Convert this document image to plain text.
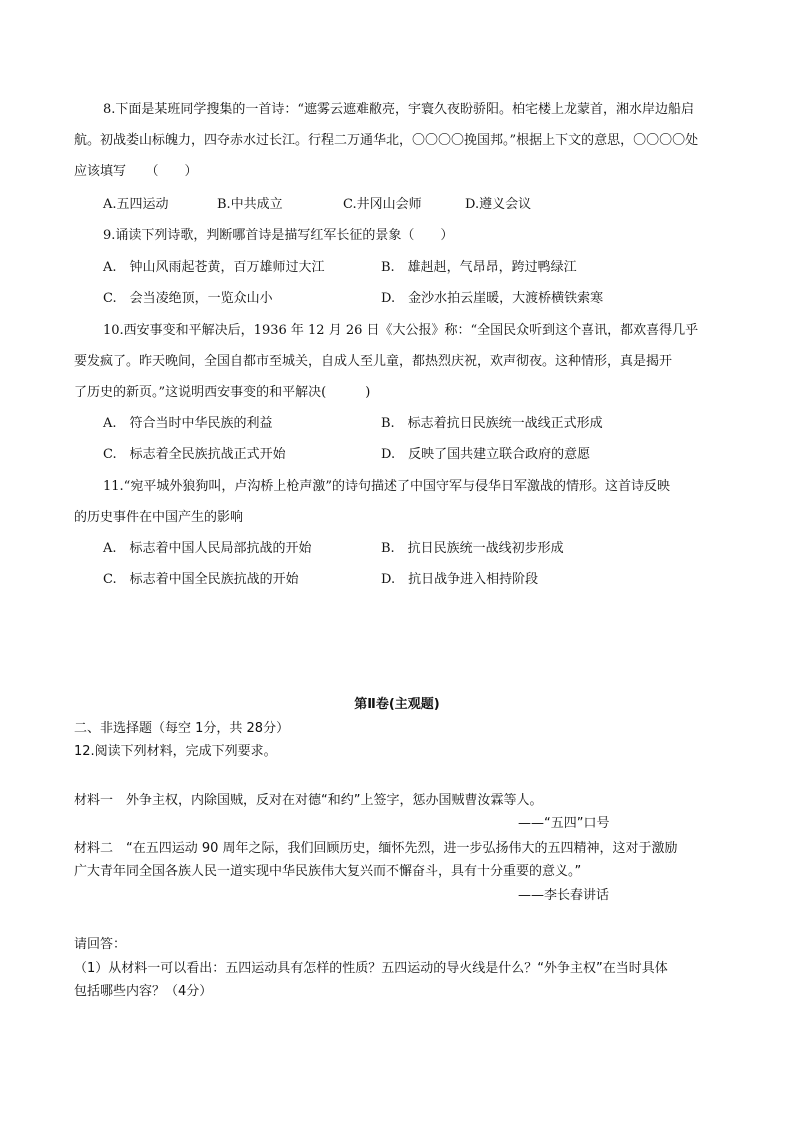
8.下面是某班同学搜集的一首诗：“遮雾云遮难敝亮，宇寰久夜盼骄阳。柏宅楼上龙蒙首，湘水岸边船启
航。初战娄山标魄力，四夺赤水过长江。行程二万通华北，〇〇〇〇挽国邦。”根据上下文的意思，〇〇〇〇处
应该填写　　（　　）
A.五四运动	B.中共成立	C.井冈山会师	D.遵义会议
9.诵读下列诗歌，判断哪首诗是描写红军长征的景象（　　）
A.　钟山风雨起苍黄，百万雄师过大江	B.　雄赳赳，气昂昂，跨过鸭绿江
C.　会当凌绝顶，一览众山小	D.　金沙水拍云崖暖，大渡桥横铁索寒
10.西安事变和平解决后，1936 年 12 月 26 日《大公报》称：“全国民众听到这个喜讯，都欢喜得几乎
要发疯了。昨天晚间，全国自都市至城关，自成人至儿童，都热烈庆祝，欢声彻夜。这种情形，真是揭开
了历史的新页。”这说明西安事变的和平解决(　　　)
A.　符合当时中华民族的利益	B.　标志着抗日民族统一战线正式形成
C.　标志着全民族抗战正式开始	D.　反映了国共建立联合政府的意愿
11.“宛平城外狼狗叫，卢沟桥上枪声激”的诗句描述了中国守军与侵华日军激战的情形。这首诗反映
的历史事件在中国产生的影响
A.　标志着中国人民局部抗战的开始	B.　抗日民族统一战线初步形成
C.　标志着中国全民族抗战的开始	D.　抗日战争进入相持阶段
第Ⅱ卷(主观题)
二、非选择题（每空 1分，共 28分）
12.阅读下列材料，完成下列要求。
材料一　外争主权，内除国贼，反对在对德“和约”上签字，惩办国贼曹汝霖等人。
——“五四”口号
材料二　“在五四运动 90 周年之际，我们回顾历史，缅怀先烈，进一步弘扬伟大的五四精神，这对于激励
广大青年同全国各族人民一道实现中华民族伟大复兴而不懈奋斗，具有十分重要的意义。”
——李长春讲话
请回答：
（1）从材料一可以看出：五四运动具有怎样的性质？五四运动的导火线是什么？“外争主权”在当时具体
包括哪些内容？（4分）
